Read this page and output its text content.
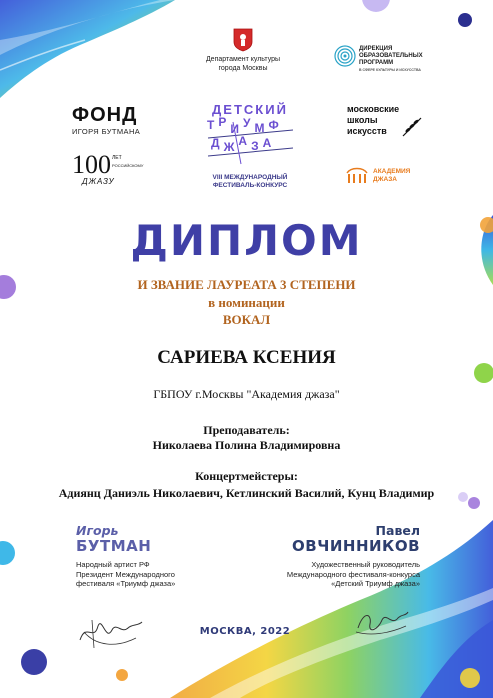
Департамент культуры
города Москвы
ДИРЕКЦИЯ
ОБРАЗОВАТЕЛЬНЫХ
ПРОГРАММ
В СФЕРЕ КУЛЬТУРЫ И ИСКУССТВА
ФОНД
ИГОРЯ БУТМАНА
ДЕТСКИЙ
ТРИУМФ
ДЖАЗА
VIII МЕЖДУНАРОДНЫЙ
ФЕСТИВАЛЬ-КОНКУРС
московские
школы
искусств
100 ЛЕТ
РОССИЙСКОМУ
ДЖАЗУ
АКАДЕМИЯ
ДЖАЗА
ДИПЛОМ
И ЗВАНИЕ ЛАУРЕАТА 3 СТЕПЕНИ
в номинации
ВОКАЛ
САРИЕВА КСЕНИЯ
ГБПОУ г.Москвы "Академия джаза"
Преподаватель:
Николаева Полина Владимировна
Концертмейстеры:
Адиянц Даниэль Николаевич, Кетлинский Василий, Кунц Владимир
Игорь
БУТМАН
Народный артист РФ
Президент Международного
фестиваля «Триумф джаза»
Павел
ОВЧИННИКОВ
Художественный руководитель
Международного фестиваля-конкурса
«Детский Триумф джаза»
МОСКВА, 2022
